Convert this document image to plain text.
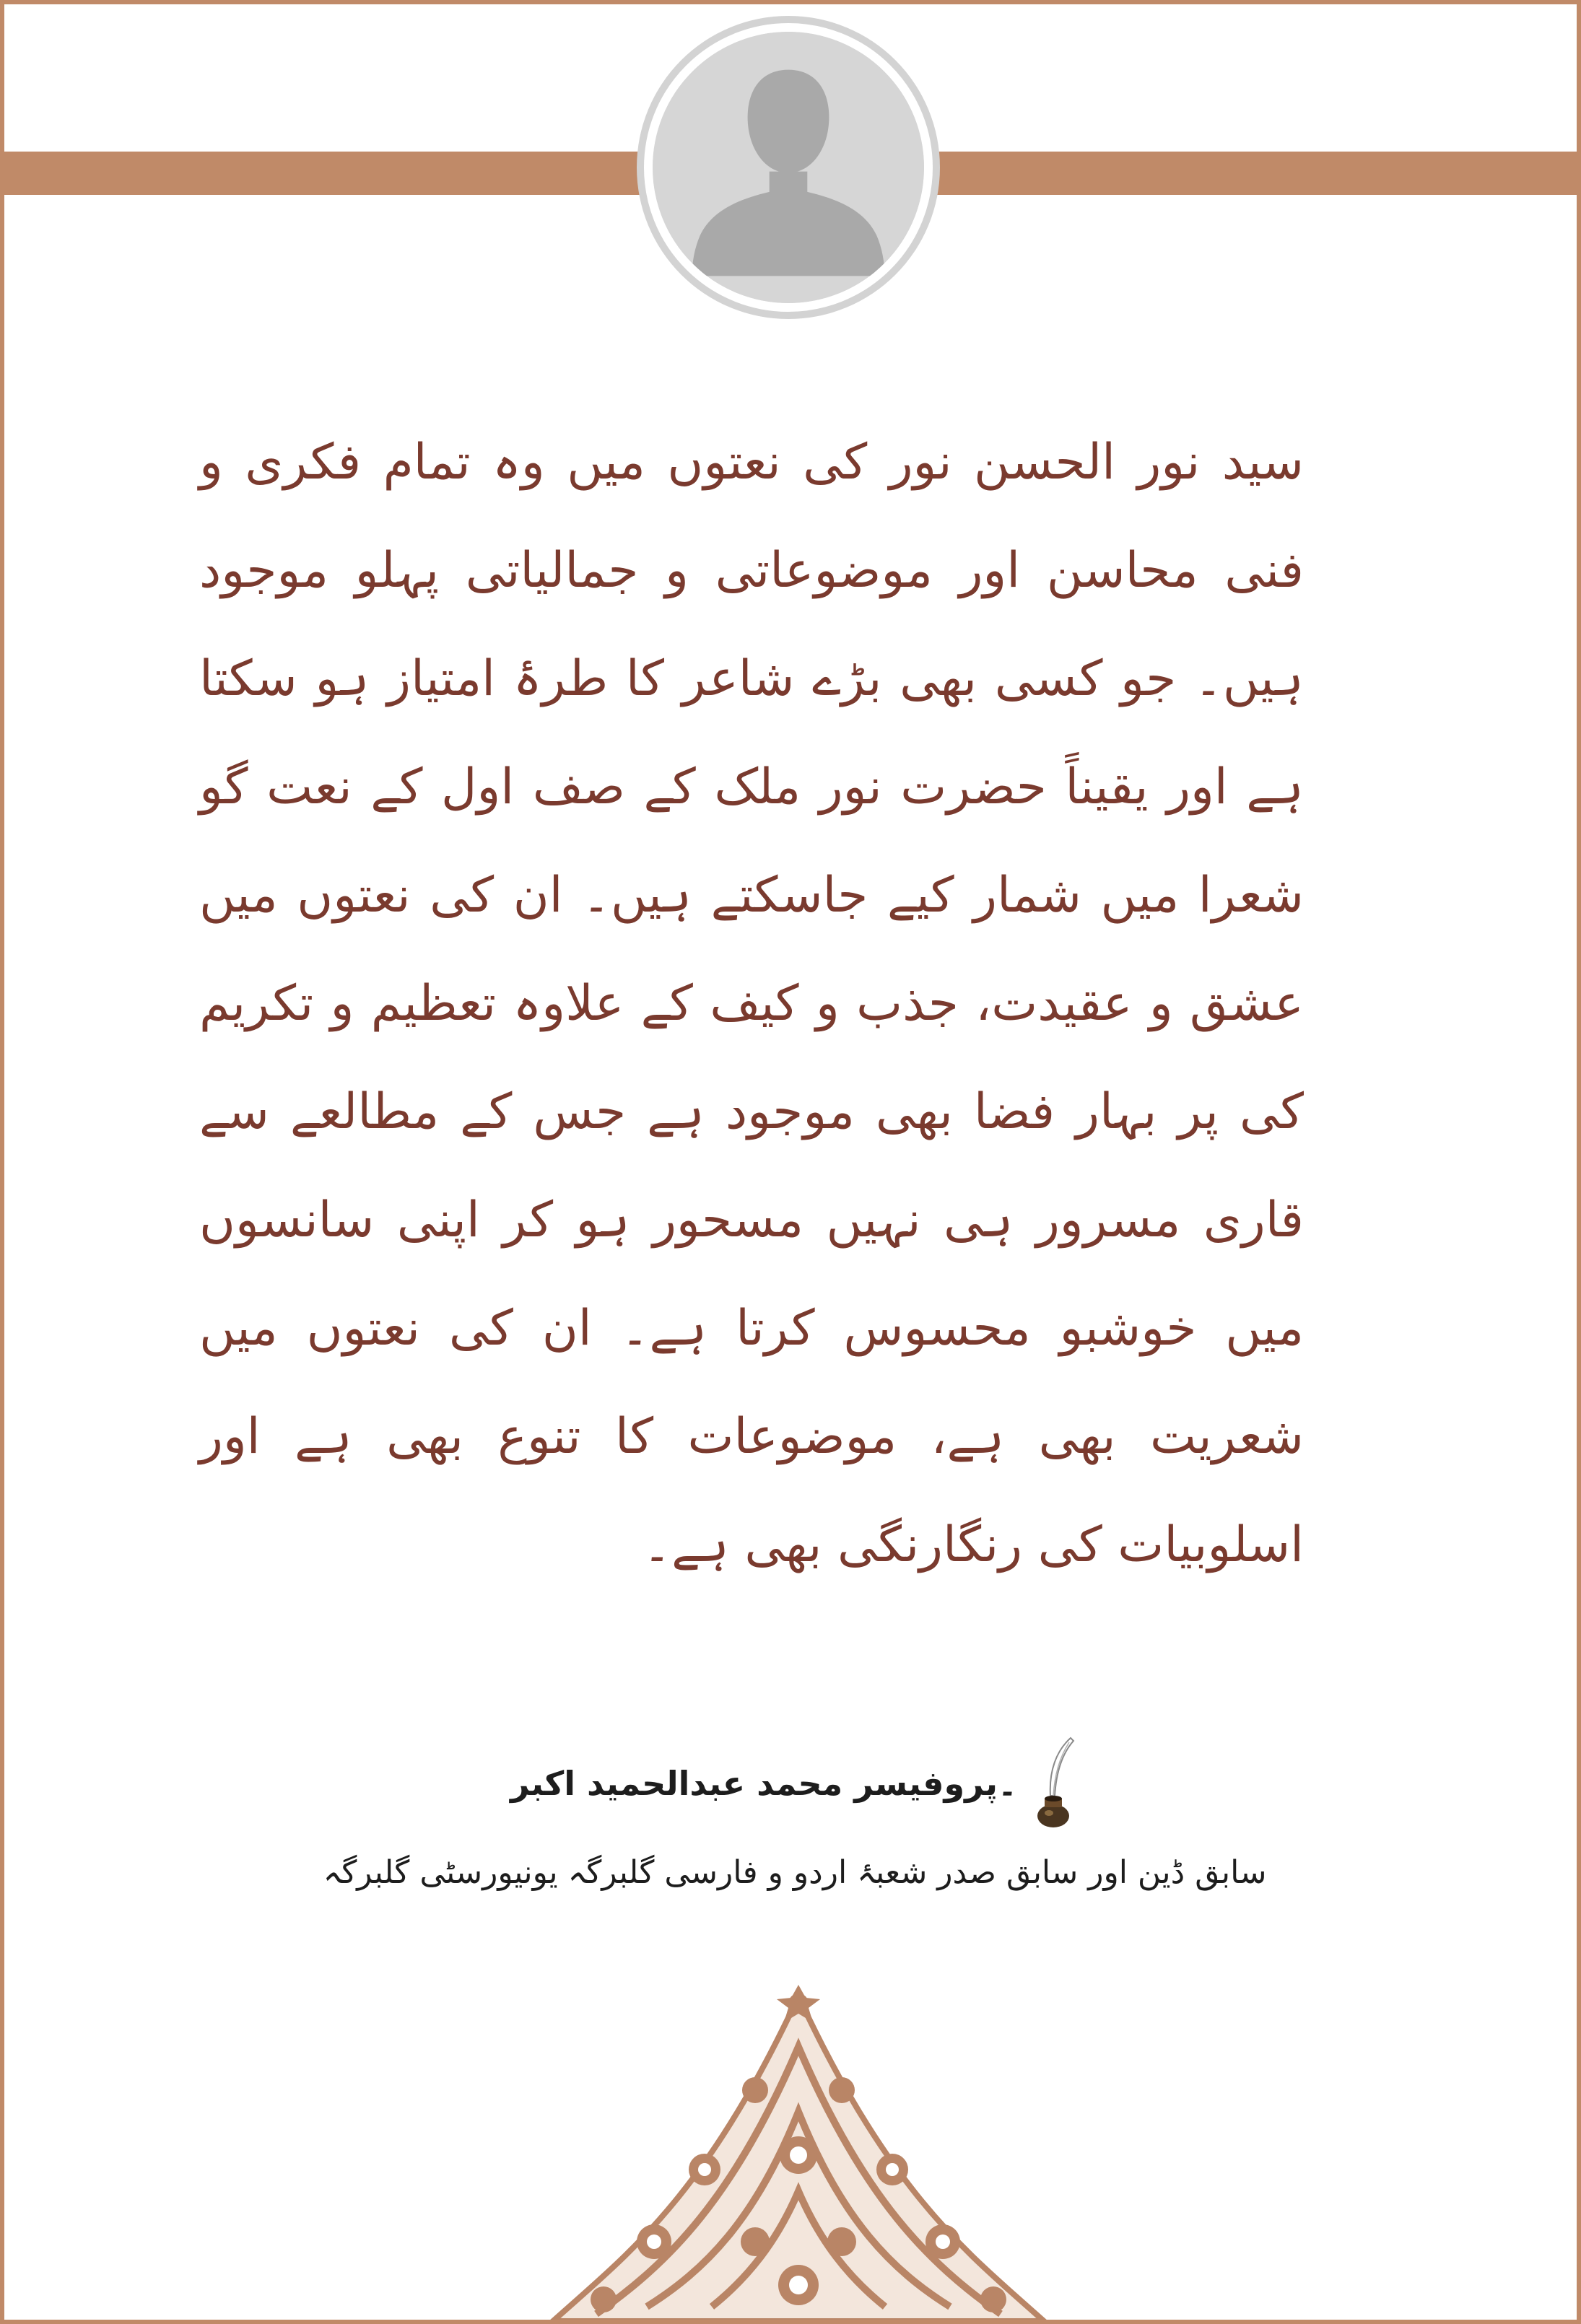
سید نور الحسن نور کی نعتوں میں وہ تمام فکری و فنی محاسن اور موضوعاتی و جمالیاتی پہلو موجود ہیں۔ جو کسی بھی بڑے شاعر کا طرۂ امتیاز ہو سکتا ہے اور یقیناً حضرت نور ملک کے صف اول کے نعت گو شعرا میں شمار کیے جاسکتے ہیں۔ ان کی نعتوں میں عشق و عقیدت، جذب و کیف کے علاوہ تعظیم و تکریم کی پر بہار فضا بھی موجود ہے جس کے مطالعے سے قاری مسرور ہی نہیں مسحور ہو کر اپنی سانسوں میں خوشبو محسوس کرتا ہے۔ ان کی نعتوں میں شعریت بھی ہے، موضوعات کا تنوع بھی ہے اور اسلوبیات کی رنگارنگی بھی ہے۔

۔پروفیسر محمد عبدالحمید اکبر
سابق ڈین اور سابق صدر شعبۂ اردو و فارسی گلبرگہ یونیورسٹی گلبرگہ
